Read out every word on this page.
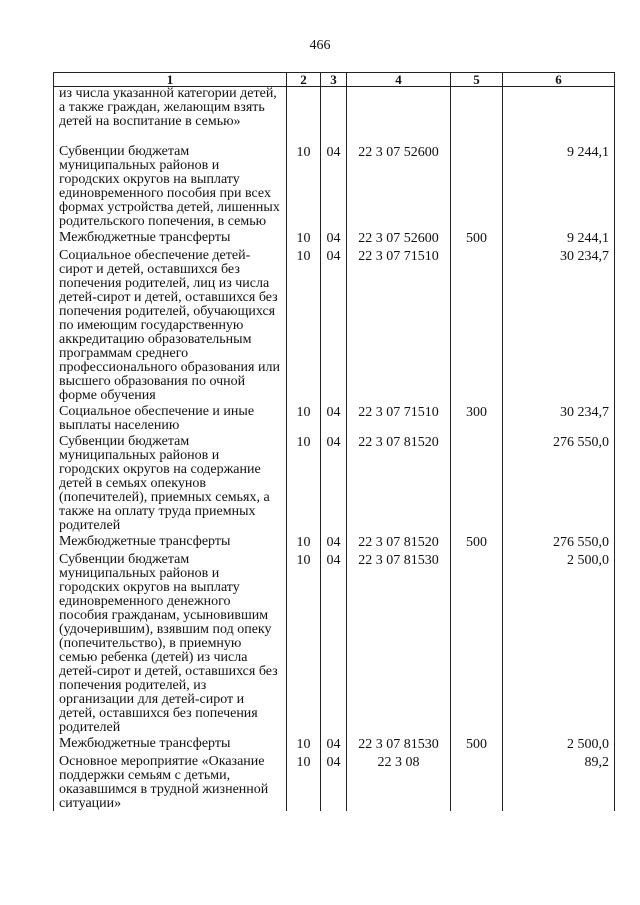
466
1	2	3	4	5	6
из числа указанной категории детей, а также граждан, желающим взять детей на воспитание в семью»					
Субвенции бюджетам муниципальных районов и городских округов на выплату единовременного пособия при всех формах устройства детей, лишенных родительского попечения, в семью	10	04	22 3 07 52600		9 244,1
Межбюджетные трансферты	10	04	22 3 07 52600	500	9 244,1
Социальное обеспечение детей-сирот и детей, оставшихся без попечения родителей, лиц из числа детей-сирот и детей, оставшихся без попечения родителей, обучающихся по имеющим государственную аккредитацию образовательным программам среднего профессионального образования или высшего образования по очной форме обучения	10	04	22 3 07 71510		30 234,7
Социальное обеспечение и иные выплаты населению	10	04	22 3 07 71510	300	30 234,7
Субвенции бюджетам муниципальных районов и городских округов на содержание детей в семьях опекунов (попечителей), приемных семьях, а также на оплату труда приемных родителей	10	04	22 3 07 81520		276 550,0
Межбюджетные трансферты	10	04	22 3 07 81520	500	276 550,0
Субвенции бюджетам муниципальных районов и городских округов на выплату единовременного денежного пособия гражданам, усыновившим (удочерившим), взявшим под опеку (попечительство), в приемную семью ребенка (детей) из числа детей-сирот и детей, оставшихся без попечения родителей, из организации для детей-сирот и детей, оставшихся без попечения родителей	10	04	22 3 07 81530		2 500,0
Межбюджетные трансферты	10	04	22 3 07 81530	500	2 500,0
Основное мероприятие «Оказание поддержки семьям с детьми, оказавшимся в трудной жизненной ситуации»	10	04	22 3 08		89,2
